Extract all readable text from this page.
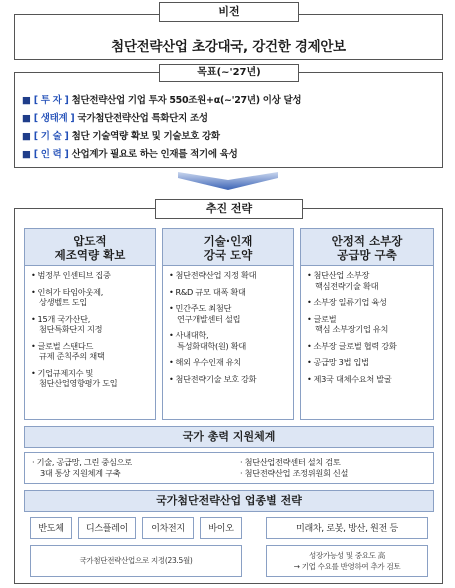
비전
첨단전략산업 초강대국, 강건한 경제안보
목표(~'27년)
■ [ 투 자 ] 첨단전략산업 기업 투자 550조원+α(~'27년) 이상 달성
■ [ 생태계 ] 국가첨단전략산업 특화단지 조성
■ [ 기 술 ] 첨단 기술역량 확보 및 기술보호 강화
■ [ 인 력 ] 산업계가 필요로 하는 인재를 적기에 육성
추진 전략
압도적
제조역량 확보
• 범정부 인센티브 집중
• 인허가 타임아웃제,
상생벨트 도입
• 15개 국가산단,
첨단특화단지 지정
• 글로벌 스탠다드
규제 준칙주의 채택
• 기업규제지수 및
첨단산업영향평가 도입
기술·인재
강국 도약
• 첨단전략산업 지정 확대
• R&D 규모 대폭 확대
• 민간주도 최첨단
연구개발센터 설립
• 사내대학,
특성화대학(원) 확대
• 해외 우수인재 유치
• 첨단전략기술 보호 강화
안정적 소부장
공급망 구축
• 첨단산업 소부장
핵심전략기술 확대
• 소부장 일류기업 육성
• 글로벌
핵심 소부장기업 유치
• 소부장 글로벌 협력 강화
• 공급망 3법 입법
• 제3국 대체수요처 발굴
국가 총력 지원체계
· 기술, 공급망, 그린 중심으로
3대 통상 지원체계 구축
· 첨단산업전략센터 설치 검토
· 첨단전략산업 조정위원회 신설
국가첨단전략산업 업종별 전략
반도체	디스플레이	이차전지	바이오	미래차, 로봇, 방산, 원전 등
국가첨단전략산업으로 지정(23.5월)
성장가능성 및 중요도 高
→ 기업 수요를 반영하여 추가 검토
